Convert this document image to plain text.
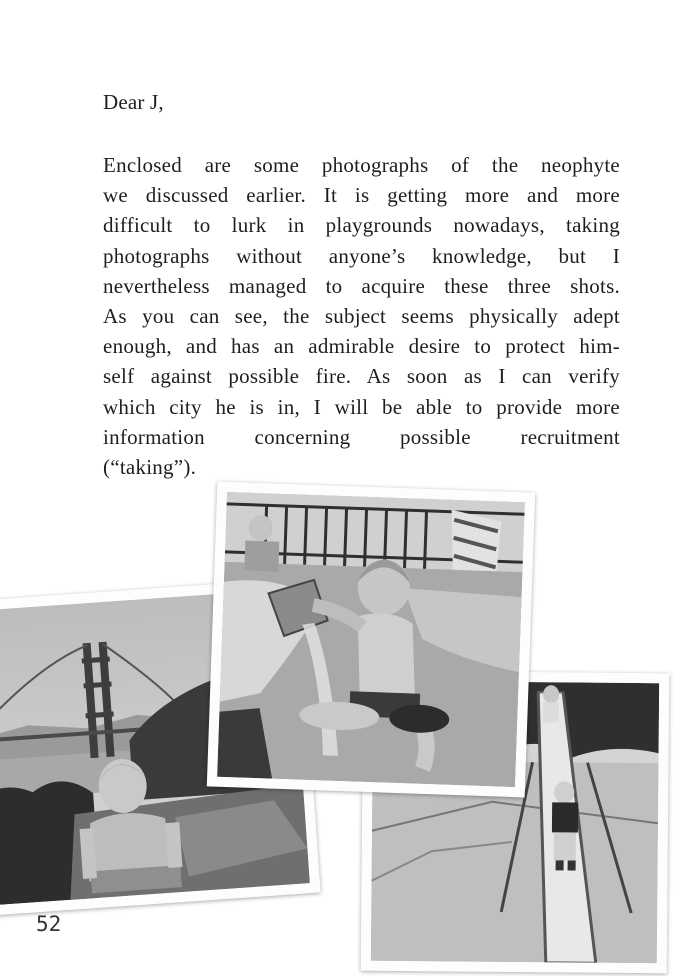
Dear J,
Enclosed are some photographs of the neophyte
we discussed earlier. It is getting more and more
difficult to lurk in playgrounds nowadays, taking
photographs without anyone’s knowledge, but I
nevertheless managed to acquire these three shots.
As you can see, the subject seems physically adept
enough, and has an admirable desire to protect him-
self against possible fire. As soon as I can verify
which city he is in, I will be able to provide more
information concerning possible recruitment
(“taking”).
52
